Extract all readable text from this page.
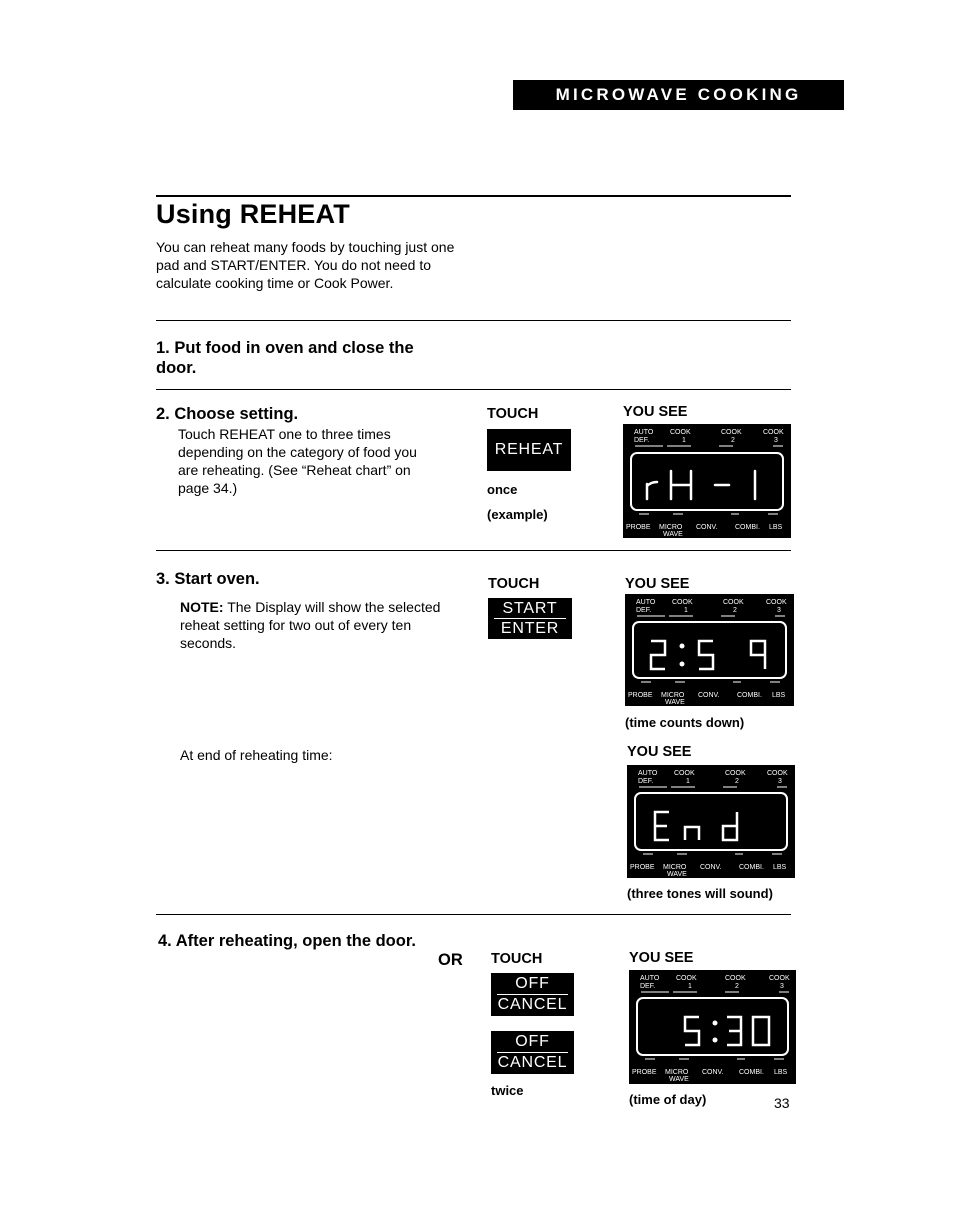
MICROWAVE COOKING
Using REHEAT
You can reheat many foods by touching just one pad and START/ENTER. You do not need to calculate cooking time or Cook Power.
1. Put food in oven and close the door.
2. Choose setting.
Touch REHEAT one to three times depending on the category of food you are reheating. (See “Reheat chart” on page 34.)
TOUCH
REHEAT
once
(example)
YOU SEE
AUTO
DEF.
COOK	COOK	COOK
1	2	3
PROBE MICRO
WAVE
CONV. COMBI. LBS
3. Start oven.
NOTE: The Display will show the selected reheat setting for two out of every ten seconds.
TOUCH
START
ENTER
YOU SEE
AUTO
DEF.
COOK	COOK	COOK
1	2	3
PROBE MICRO
WAVE
CONV. COMBI. LBS
(time counts down)
At end of reheating time:	YOU SEE
AUTO
DEF.
COOK	COOK	COOK
1	2	3
PROBE MICRO
WAVE
CONV. COMBI. LBS
(three tones will sound)
4. After reheating, open the door.
OR TOUCH
OFF
CANCEL
OFF
CANCEL
twice
YOU SEE
AUTO
DEF.
COOK	COOK	COOK
1	2	3
PROBE MICRO
WAVE
CONV. COMBI. LBS
(time of day)	33
